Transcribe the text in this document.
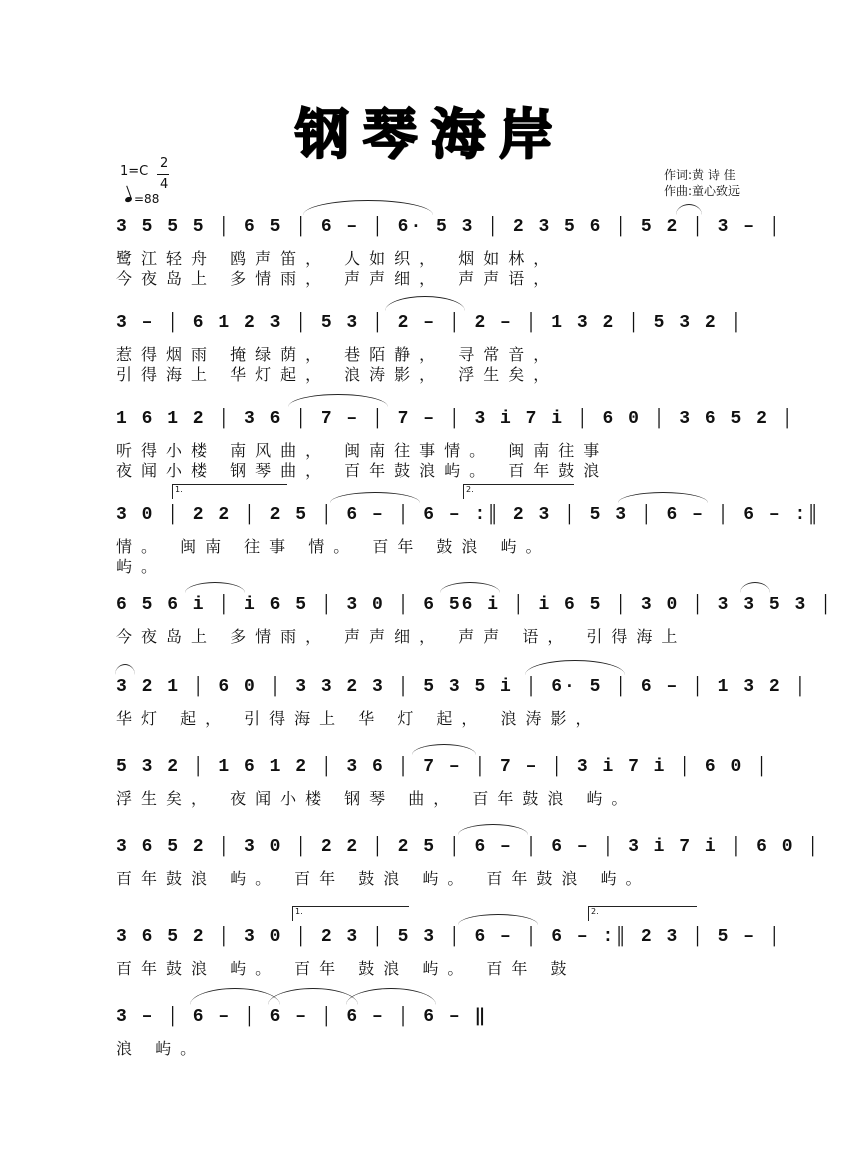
钢琴海岸
1=C
2
4
=88
作词:黄 诗 佳
作曲:童心致远
3 5 5 5 │ 6 5 │ 6 – │ 6· 5 3 │ 2 3 5 6 │ 5 2 │ 3 – │
鹭江轻舟 鸥声笛， 人如织， 烟如林，
今夜岛上 多情雨， 声声细， 声声语，
3 – │ 6 1 2 3 │ 5 3 │ 2 – │ 2 – │ 1 3 2 │ 5 3 2 │
惹得烟雨 掩绿荫， 巷陌静， 寻常音，
引得海上 华灯起， 浪涛影， 浮生矣，
1 6 1 2 │ 3 6 │ 7 – │ 7 – │ 3 i 7 i │ 6 0 │ 3 6 5 2 │
听得小楼 南风曲， 闽南往事情。 闽南往事
夜闻小楼 钢琴曲， 百年鼓浪屿。 百年鼓浪
1.	2.
3 0 │ 2 2 │ 2 5 │ 6 – │ 6 – :║ 2 3 │ 5 3 │ 6 – │ 6 – :║
情。 闽南 往事 情。 百年 鼓浪 屿。
屿。
6 5 6 i │ i 6 5 │ 3 0 │ 6 56 i │ i 6 5 │ 3 0 │ 3 3 5 3 │
今夜岛上 多情雨， 声声细， 声声 语， 引得海上
3 2 1 │ 6 0 │ 3 3 2 3 │ 5 3 5 i │ 6· 5 │ 6 – │ 1 3 2 │
华灯 起， 引得海上 华 灯 起， 浪涛影，
5 3 2 │ 1 6 1 2 │ 3 6 │ 7 – │ 7 – │ 3 i 7 i │ 6 0 │
浮生矣， 夜闻小楼 钢琴 曲， 百年鼓浪 屿。
3 6 5 2 │ 3 0 │ 2 2 │ 2 5 │ 6 – │ 6 – │ 3 i 7 i │ 6 0 │
百年鼓浪 屿。 百年 鼓浪 屿。 百年鼓浪 屿。
1.	2.
3 6 5 2 │ 3 0 │ 2 3 │ 5 3 │ 6 – │ 6 – :║ 2 3 │ 5 – │
百年鼓浪 屿。 百年 鼓浪 屿。 百年 鼓
3 – │ 6 – │ 6 – │ 6 – │ 6 – ‖
浪 屿。
